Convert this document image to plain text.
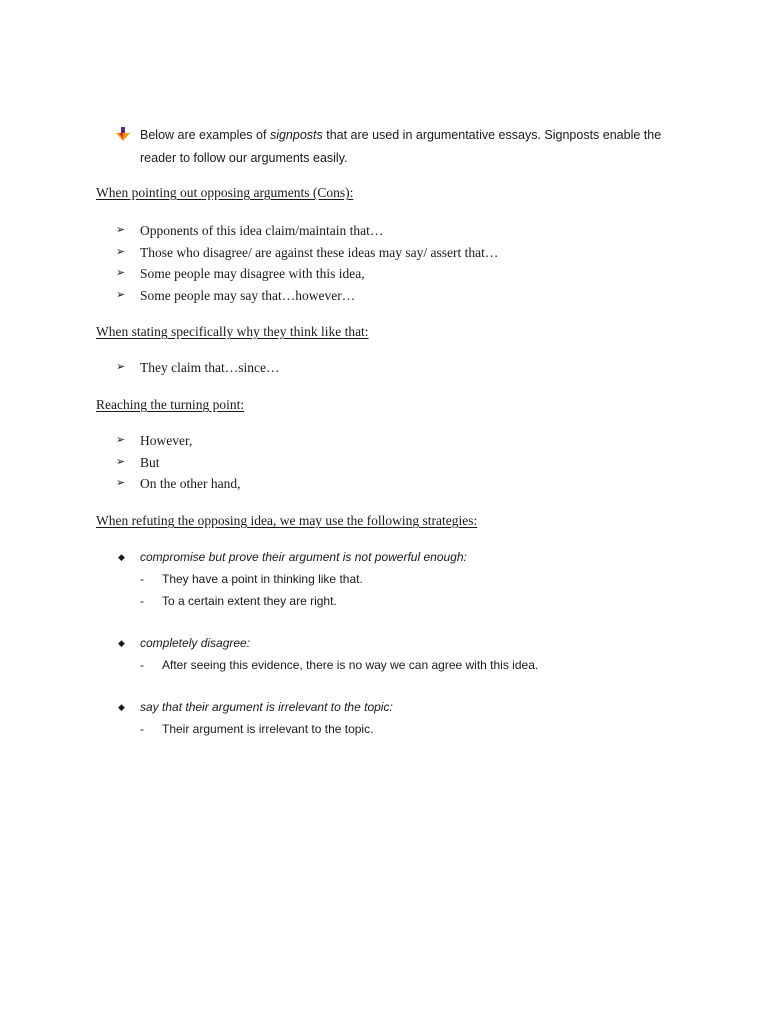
Below are examples of signposts that are used in argumentative essays. Signposts enable the reader to follow our arguments easily.
When pointing out opposing arguments (Cons):
➢	Opponents of this idea claim/maintain that…
➢	Those who disagree/ are against these ideas may say/ assert that…
➢	Some people may disagree with this idea,
➢	Some people may say that…however…
When stating specifically why they think like that:
➢	They claim that…since…
Reaching the turning point:
➢	However,
➢	But
➢	On the other hand,
When refuting the opposing idea, we may use the following strategies:
◆ compromise but prove their argument is not powerful enough:
- They have a point in thinking like that.
- To a certain extent they are right.
◆ completely disagree:
- After seeing this evidence, there is no way we can agree with this idea.
◆ say that their argument is irrelevant to the topic:
- Their argument is irrelevant to the topic.
